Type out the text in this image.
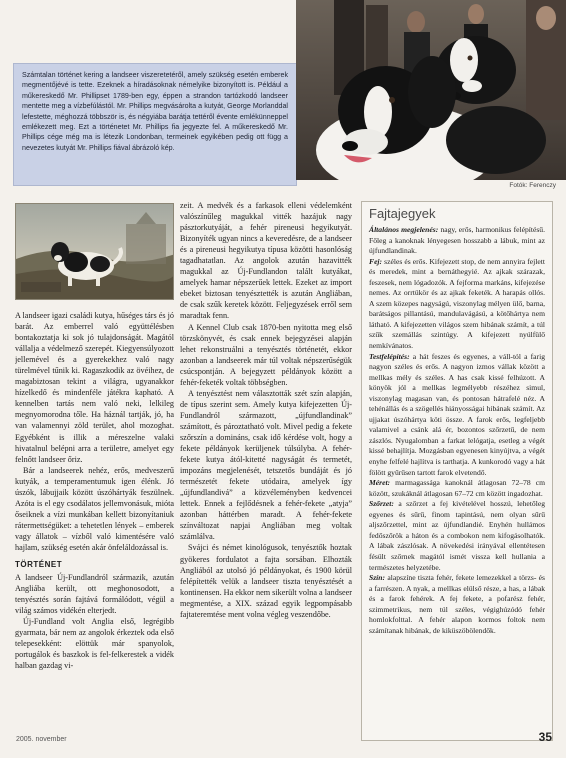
Számtalan történet kering a landseer viszeretetéről, amely szükség esetén emberek megmentőjévé is tette. Ezeknek a híradásoknak némelyike bizonyított is. Például a műkereskedő Mr. Phillipset 1789-ben egy, éppen a strandon tartózkodó landseer mentette meg a vízbefúlástól. Mr. Phillips megvásárolta a kutyát, George Morlanddal lefestette, méghozzá többször is, és négyiába barátja tettéről évente emlékünneppel emlékezett meg. Ezt a történetet Mr. Phillips fia jegyezte fel. A műkereskedő Mr. Phillips cége még ma is létezik Londonban, termeinek egyikében pedig ott függ a nevezetes kutyát Mr. Phillips fiával ábrázoló kép.

Fotók: Ferenczy

A landseer igazi családi kutya, hűséges társ és jó barát. Az emberrel való együttélésben bontakoztatja ki sok jó tulajdonságát. Magától vállalja a védelmező szerepét. Kiegyensúlyozott jellemével és a gyerekekhez való nagy türelmével tűnik ki. Ragaszkodik az övéihez, de magabiztosan tekint a világra, ugyanakkor hízelkedő és mindenféle játékra kapható. A kennelben tartás nem való neki, lelkileg megnyomorodna tőle. Ha háznál tartják, jó, ha van valamennyi zöld terület, ahol mozoghat. Egyébként is illik a méreszelne valaki hivatalnul belépni arra a területre, amelyet egy felnőtt landseer őriz.

Bár a landseerek nehéz, erős, medveszerű kutyák, a temperamentumuk igen élénk. Jó úszók, lábujjaik között úszóhártyák feszülnek. Azóta is el egy csodálatos jellemvonásuk, mióta őseiknek a vízi munkában kellett bizonyítaniuk rátermettségüket: a tehetetlen lények – emberek vagy állatok – vízből való kimentésére való hajlam, szükség esetén akár önfeláldozással is.

TÖRTÉNET

A landseer Új-Fundlandról származik, azután Angliába került, ott meghonosodott, a tenyésztés során fajtává formálódott, végül a világ számos vidékén elterjedt.

Új-Fundland volt Anglia első, legrégibb gyarmata, bár nem az angolok érkeztek oda első telepesekként: elöttük már spanyolok, portugálok és baszkok is fel-felkerestek a vidék halban gazdag vi-

zeit. A medvék és a farkasok elleni védelemként valószínűleg magukkal vitték hazájuk nagy pásztorkutyáját, a fehér pireneusi hegyikutyát. Bizonyíték ugyan nincs a keveredésre, de a landseer és a pireneusi hegyikutya típusa közötti hasonlóság tagadhatatlan. Az angolok azután hazavitték magukkal az Új-Fundlandon talált kutyákat, amelyek hamar népszerűek lettek. Ezeket az import ebeket biztosan tenyésztették is azután Angliában, de csak szűk keretek között. Feljegyzések erről sem maradtak fenn.

A Kennel Club csak 1870-ben nyitotta meg első törzskönyvét, és csak ennek bejegyzései alapján lehet rekonstruálni a tenyésztés történetét, ekkor azonban a landseerek már túl voltak népszerűségük csúcspontján. A bejegyzett példányok között a fehér-feketék voltak többségben.

A tenyésztést nem választották szét szín alapján, de típus szerint sem. Amely kutya kifejezetten Új-Fundlandról származott, „újfundlandinak” számított, és pároztatható volt. Mivel pedig a fekete szőrszín a domináns, csak idő kérdése volt, hogy a fekete példányok kerüljenek túlsúlyba. A fehér-fekete kutya ától-kitetté nagyságát és termetét, impozáns megjelenését, tetszetős bundáját és jó természetét fekete utódaira, amelyek így „újfundlandivá” a közvéleményben kedvencei lettek. Ennek a fejlődésnek a fehér-fekete „atyja” azonban háttérben maradt. A fehér-fekete színváltozat napjai Angliában meg voltak számlálva.

Svájci és német kinológusok, tenyésztők hoztak gyökeres fordulatot a fajta sorsában. Elhozták Angliából az utolsó jó példányokat, és 1900 körül felépítették velük a landseer tiszta tenyésztését a kontinensen. Ha ekkor nem sikerült volna a landseer megmentése, a XIX. század egyik legpompásabb fajtateremtése ment volna végleg veszendőbe.

Fajtajegyek

Általános megjelenés: nagy, erős, harmonikus felépítésű. Főleg a kanoknak lényegesen hosszabb a lábuk, mint az újfundlandinak.

Fej: széles és erős. Kifejezett stop, de nem annyira fejlett és meredek, mint a bernáthegyié. Az ajkak szárazak, feszesek, nem lógadozók. A fejforma markáns, kifejezése nemes. Az orrtükör és az ajkak feketék. A harapás ollós. A szem közepes nagyságú, viszonylag mélyen ülő, barna, barátságos pillantású, mandulavágású, a kötőhártya nem látható. A kifejezetten világos szem hibának számít, a túl szűk szemállás szintúgy. A kifejezett nyúlfülő nemkívánatos.

Testfelépítés: a hát feszes és egyenes, a váll-tól a farig nagyon széles és erős. A nagyon izmos vállak között a mellkas mély és széles. A has csak kissé felhúzott. A könyök jól a mellkas legmélyebb részéhez simul, viszonylag magasan van, és pontosan hátrafelé néz. A tehénállás és a szögellés hiányosságai hibának számít. Az ujjakat úszóhártya köti össze. A farok erős, legfeljebb valamivel a csánk alá ér, bozontos szőrzetű, de nem zászlós. Nyugalomban a farkat lelógatja, esetleg a végét kissé behajlítja. Mozgásban egyenesen kinyújtva, a végét enyhe felfelé hajlítva is tarthatja. A kunkorodó vagy a hát fölött gyűrűsen tartott farok elvetendő.

Méret: marmagassága kanoknál átlagosan 72–78 cm között, szukáknál átlagosan 67–72 cm között ingadozhat.

Szőrzet: a szőrzet a fej kivételével hosszú, lehetőleg egyenes és sűrű, finom tapintású, nem olyan sűrű aljszőrzettel, mint az újfundlandié. Enyhén hullámos fedőszőrök a háton és a combokon nem kifogásolhatók. A lábak zászlósak. A növekedési irányával ellentétesen fésült szőrnek magától ismét vissza kell hullania a természetes helyzetébe.

Szín: alapszíne tiszta fehér, fekete lemezekkel a törzs- és a farrészen. A nyak, a mellkas elülső része, a has, a lábak és a farok fehérek. A fej fekete, a pofarész fehér, szimmetrikus, nem túl széles, végighúzódó fehér homlokfolttal. A fehér alapon kormos foltok nem számítanak hibának, de kiküszöbölendők.

2005. november	35
